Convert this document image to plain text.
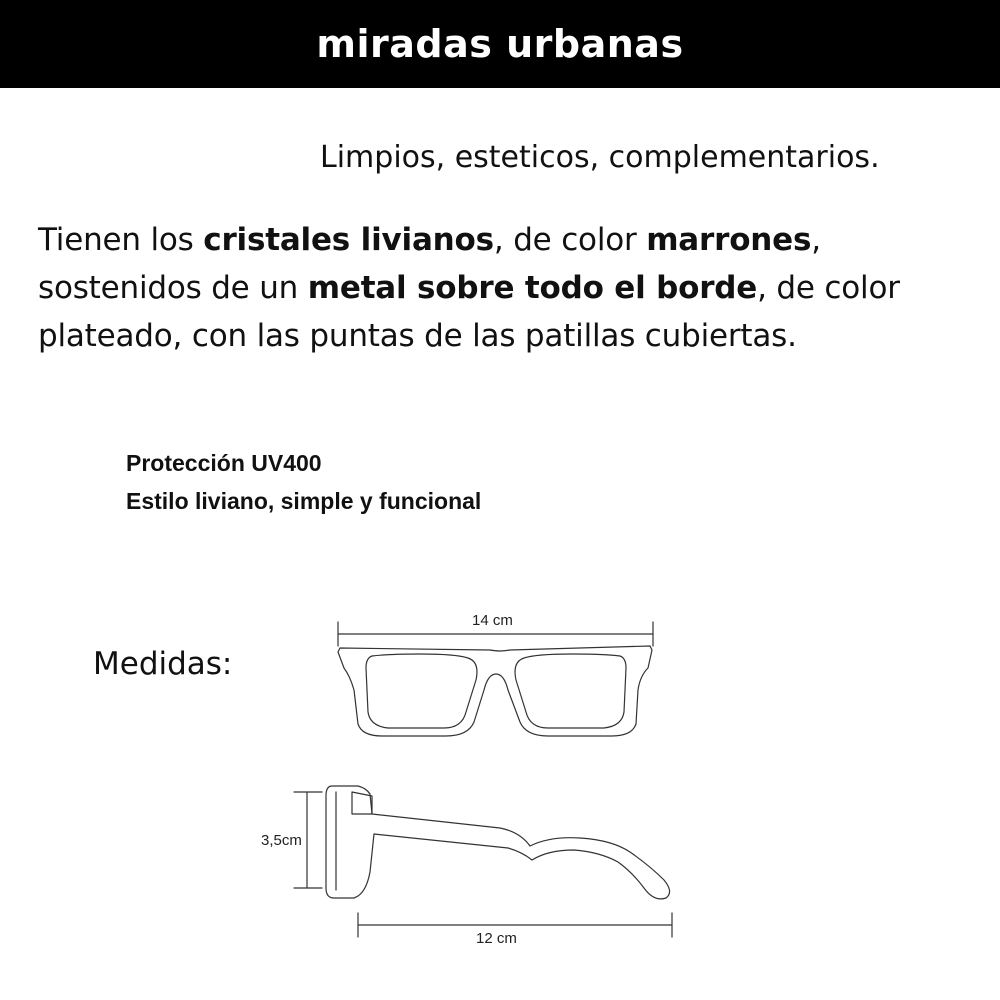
miradas urbanas
Limpios, esteticos, complementarios.
Tienen los cristales livianos, de color marrones, sostenidos de un metal sobre todo el borde, de color plateado, con las puntas de las patillas cubiertas.
Protección UV400
Estilo liviano, simple y funcional
Medidas:
14 cm
3,5cm
12 cm
